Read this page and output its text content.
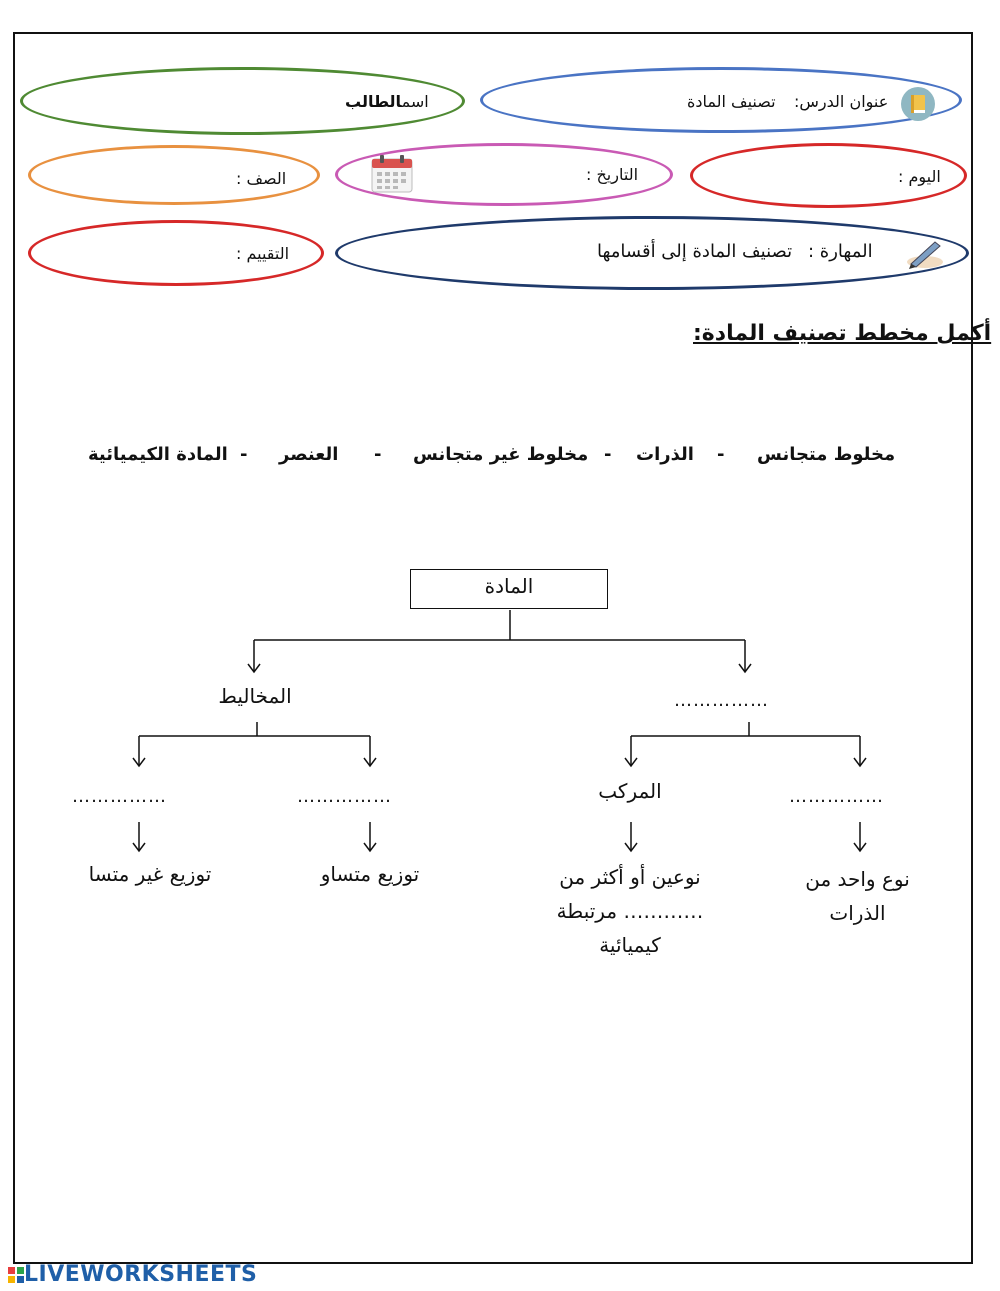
اسمالطالب	عنوان الدرس:
تصنيف المادة
الصف :	التاريخ :	اليوم :
التقييم :	المهارة :
تصنيف المادة إلى أقسامها
أكمل مخطط تصنيف المادة:
مخلوط متجانس
-
الذرات
-
مخلوط غير متجانس
-
العنصر
-
المادة الكيميائية
المادة
المخاليط	……………
……………	……………	المركب	……………
توزيع غير متسا	توزيع متساو	نوعين أو أكثر من ………… مرتبطة كيميائية
نوع واحد من الذرات
LIVEWORKSHEETS
